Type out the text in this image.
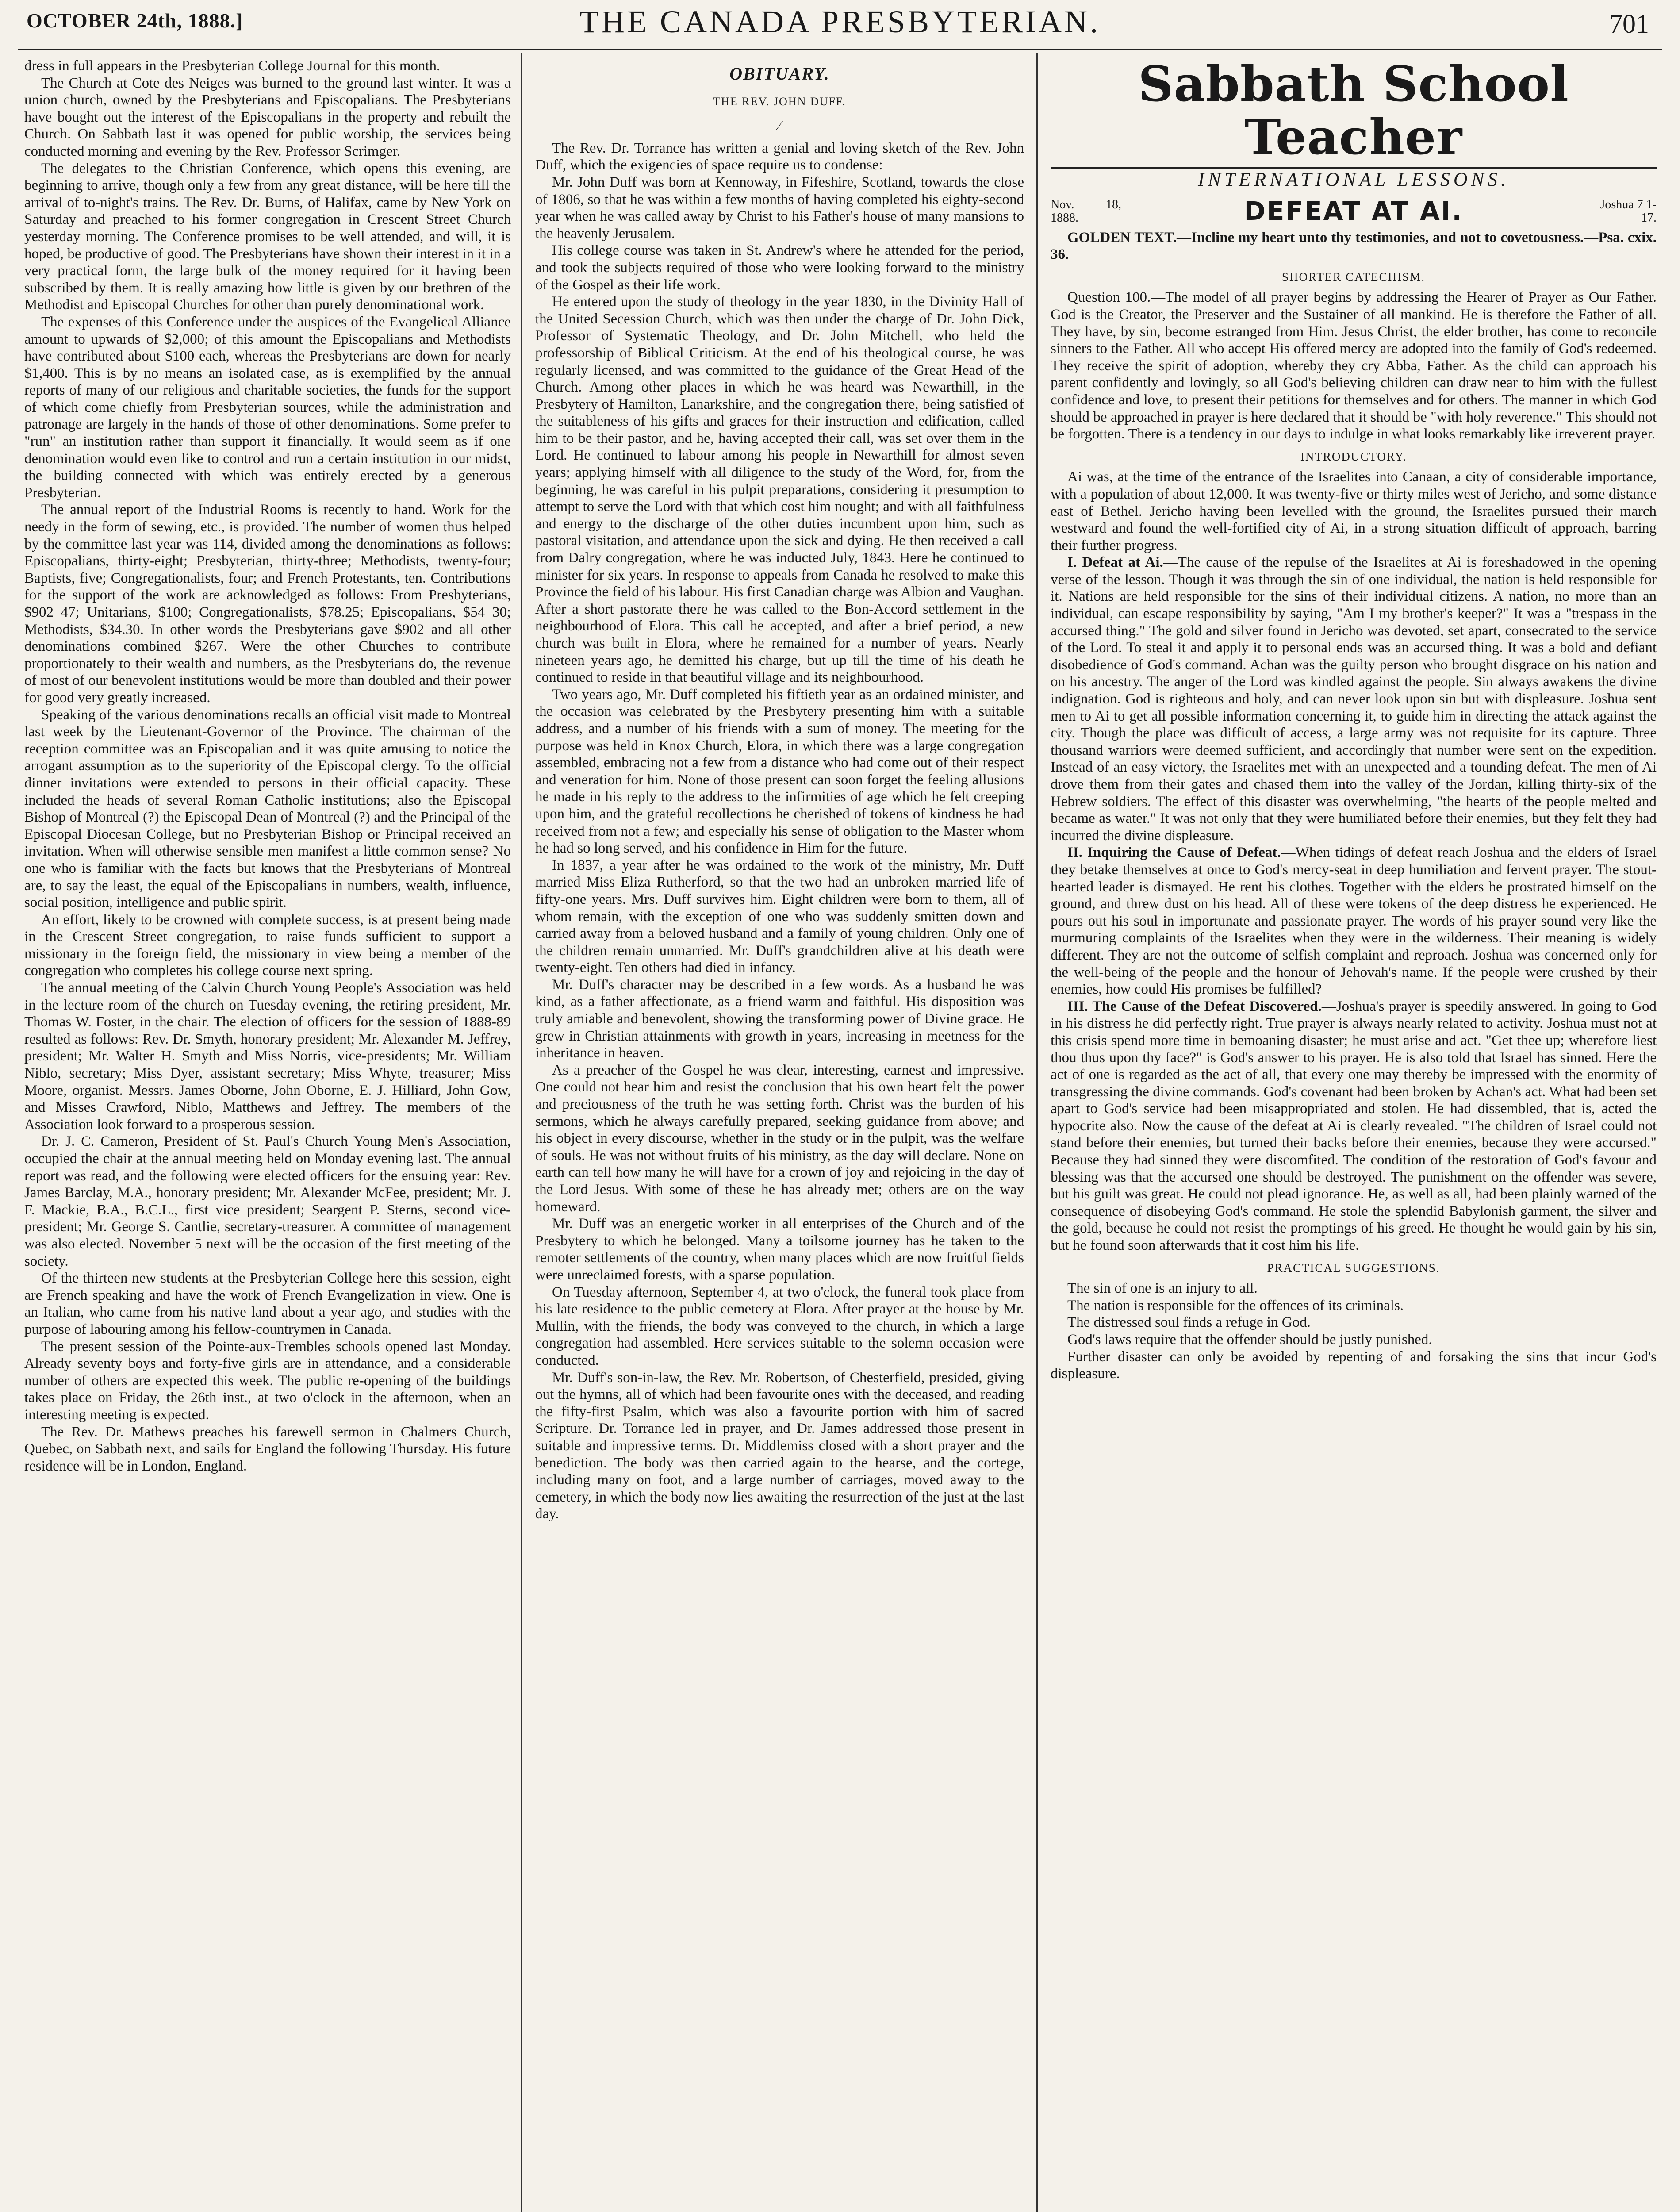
OCTOBER 24th, 1888.]	THE CANADA PRESBYTERIAN.	701

dress in full appears in the Presbyterian College Journal for this month.

The Church at Cote des Neiges was burned to the ground last winter. It was a union church, owned by the Presbyterians and Episcopalians. The Presbyterians have bought out the interest of the Episcopalians in the property and rebuilt the Church. On Sabbath last it was opened for public worship, the services being conducted morning and evening by the Rev. Professor Scrimger.

The delegates to the Christian Conference, which opens this evening, are beginning to arrive, though only a few from any great distance, will be here till the arrival of to-night's trains. The Rev. Dr. Burns, of Halifax, came by New York on Saturday and preached to his former congregation in Crescent Street Church yesterday morning. The Conference promises to be well attended, and will, it is hoped, be productive of good. The Presbyterians have shown their interest in it in a very practical form, the large bulk of the money required for it having been subscribed by them. It is really amazing how little is given by our brethren of the Methodist and Episcopal Churches for other than purely denominational work.

The expenses of this Conference under the auspices of the Evangelical Alliance amount to upwards of $2,000; of this amount the Episcopalians and Methodists have contributed about $100 each, whereas the Presbyterians are down for nearly $1,400. This is by no means an isolated case, as is exemplified by the annual reports of many of our religious and charitable societies, the funds for the support of which come chiefly from Presbyterian sources, while the administration and patronage are largely in the hands of those of other denominations. Some prefer to "run" an institution rather than support it financially. It would seem as if one denomination would even like to control and run a certain institution in our midst, the building connected with which was entirely erected by a generous Presbyterian.

The annual report of the Industrial Rooms is recently to hand. Work for the needy in the form of sewing, etc., is provided. The number of women thus helped by the committee last year was 114, divided among the denominations as follows: Episcopalians, thirty-eight; Presbyterian, thirty-three; Methodists, twenty-four; Baptists, five; Congregationalists, four; and French Protestants, ten. Contributions for the support of the work are acknowledged as follows: From Presbyterians, $902 47; Unitarians, $100; Congregationalists, $78.25; Episcopalians, $54 30; Methodists, $34.30. In other words the Presbyterians gave $902 and all other denominations combined $267. Were the other Churches to contribute proportionately to their wealth and numbers, as the Presbyterians do, the revenue of most of our benevolent institutions would be more than doubled and their power for good very greatly increased.

Speaking of the various denominations recalls an official visit made to Montreal last week by the Lieutenant-Governor of the Province. The chairman of the reception committee was an Episcopalian and it was quite amusing to notice the arrogant assumption as to the superiority of the Episcopal clergy. To the official dinner invitations were extended to persons in their official capacity. These included the heads of several Roman Catholic institutions; also the Episcopal Bishop of Montreal (?) the Episcopal Dean of Montreal (?) and the Principal of the Episcopal Diocesan College, but no Presbyterian Bishop or Principal received an invitation. When will otherwise sensible men manifest a little common sense? No one who is familiar with the facts but knows that the Presbyterians of Montreal are, to say the least, the equal of the Episcopalians in numbers, wealth, influence, social position, intelligence and public spirit.

An effort, likely to be crowned with complete success, is at present being made in the Crescent Street congregation, to raise funds sufficient to support a missionary in the foreign field, the missionary in view being a member of the congregation who completes his college course next spring.

The annual meeting of the Calvin Church Young People's Association was held in the lecture room of the church on Tuesday evening, the retiring president, Mr. Thomas W. Foster, in the chair. The election of officers for the session of 1888-89 resulted as follows: Rev. Dr. Smyth, honorary president; Mr. Alexander M. Jeffrey, president; Mr. Walter H. Smyth and Miss Norris, vice-presidents; Mr. William Niblo, secretary; Miss Dyer, assistant secretary; Miss Whyte, treasurer; Miss Moore, organist. Messrs. James Oborne, John Oborne, E. J. Hilliard, John Gow, and Misses Crawford, Niblo, Matthews and Jeffrey. The members of the Association look forward to a prosperous session.

Dr. J. C. Cameron, President of St. Paul's Church Young Men's Association, occupied the chair at the annual meeting held on Monday evening last. The annual report was read, and the following were elected officers for the ensuing year: Rev. James Barclay, M.A., honorary president; Mr. Alexander McFee, president; Mr. J. F. Mackie, B.A., B.C.L., first vice president; Seargent P. Sterns, second vice-president; Mr. George S. Cantlie, secretary-treasurer. A committee of management was also elected. November 5 next will be the occasion of the first meeting of the society.

Of the thirteen new students at the Presbyterian College here this session, eight are French speaking and have the work of French Evangelization in view. One is an Italian, who came from his native land about a year ago, and studies with the purpose of labouring among his fellow-countrymen in Canada.

The present session of the Pointe-aux-Trembles schools opened last Monday. Already seventy boys and forty-five girls are in attendance, and a considerable number of others are expected this week. The public re-opening of the buildings takes place on Friday, the 26th inst., at two o'clock in the afternoon, when an interesting meeting is expected.

The Rev. Dr. Mathews preaches his farewell sermon in Chalmers Church, Quebec, on Sabbath next, and sails for England the following Thursday. His future residence will be in London, England.

OBITUARY.
THE REV. JOHN DUFF.
⁄

The Rev. Dr. Torrance has written a genial and loving sketch of the Rev. John Duff, which the exigencies of space require us to condense:

Mr. John Duff was born at Kennoway, in Fifeshire, Scotland, towards the close of 1806, so that he was within a few months of having completed his eighty-second year when he was called away by Christ to his Father's house of many mansions to the heavenly Jerusalem.

His college course was taken in St. Andrew's where he attended for the period, and took the subjects required of those who were looking forward to the ministry of the Gospel as their life work.

He entered upon the study of theology in the year 1830, in the Divinity Hall of the United Secession Church, which was then under the charge of Dr. John Dick, Professor of Systematic Theology, and Dr. John Mitchell, who held the professorship of Biblical Criticism. At the end of his theological course, he was regularly licensed, and was committed to the guidance of the Great Head of the Church. Among other places in which he was heard was Newarthill, in the Presbytery of Hamilton, Lanarkshire, and the congregation there, being satisfied of the suitableness of his gifts and graces for their instruction and edification, called him to be their pastor, and he, having accepted their call, was set over them in the Lord. He continued to labour among his people in Newarthill for almost seven years; applying himself with all diligence to the study of the Word, for, from the beginning, he was careful in his pulpit preparations, considering it presumption to attempt to serve the Lord with that which cost him nought; and with all faithfulness and energy to the discharge of the other duties incumbent upon him, such as pastoral visitation, and attendance upon the sick and dying. He then received a call from Dalry congregation, where he was inducted July, 1843. Here he continued to minister for six years. In response to appeals from Canada he resolved to make this Province the field of his labour. His first Canadian charge was Albion and Vaughan. After a short pastorate there he was called to the Bon-Accord settlement in the neighbourhood of Elora. This call he accepted, and after a brief period, a new church was built in Elora, where he remained for a number of years. Nearly nineteen years ago, he demitted his charge, but up till the time of his death he continued to reside in that beautiful village and its neighbourhood.

Two years ago, Mr. Duff completed his fiftieth year as an ordained minister, and the occasion was celebrated by the Presbytery presenting him with a suitable address, and a number of his friends with a sum of money. The meeting for the purpose was held in Knox Church, Elora, in which there was a large congregation assembled, embracing not a few from a distance who had come out of their respect and veneration for him. None of those present can soon forget the feeling allusions he made in his reply to the address to the infirmities of age which he felt creeping upon him, and the grateful recollections he cherished of tokens of kindness he had received from not a few; and especially his sense of obligation to the Master whom he had so long served, and his confidence in Him for the future.

In 1837, a year after he was ordained to the work of the ministry, Mr. Duff married Miss Eliza Rutherford, so that the two had an unbroken married life of fifty-one years. Mrs. Duff survives him. Eight children were born to them, all of whom remain, with the exception of one who was suddenly smitten down and carried away from a beloved husband and a family of young children. Only one of the children remain unmarried. Mr. Duff's grandchildren alive at his death were twenty-eight. Ten others had died in infancy.

Mr. Duff's character may be described in a few words. As a husband he was kind, as a father affectionate, as a friend warm and faithful. His disposition was truly amiable and benevolent, showing the transforming power of Divine grace. He grew in Christian attainments with growth in years, increasing in meetness for the inheritance in heaven.

As a preacher of the Gospel he was clear, interesting, earnest and impressive. One could not hear him and resist the conclusion that his own heart felt the power and preciousness of the truth he was setting forth. Christ was the burden of his sermons, which he always carefully prepared, seeking guidance from above; and his object in every discourse, whether in the study or in the pulpit, was the welfare of souls. He was not without fruits of his ministry, as the day will declare. None on earth can tell how many he will have for a crown of joy and rejoicing in the day of the Lord Jesus. With some of these he has already met; others are on the way homeward.

Mr. Duff was an energetic worker in all enterprises of the Church and of the Presbytery to which he belonged. Many a toilsome journey has he taken to the remoter settlements of the country, when many places which are now fruitful fields were unreclaimed forests, with a sparse population.

On Tuesday afternoon, September 4, at two o'clock, the funeral took place from his late residence to the public cemetery at Elora. After prayer at the house by Mr. Mullin, with the friends, the body was conveyed to the church, in which a large congregation had assembled. Here services suitable to the solemn occasion were conducted.

Mr. Duff's son-in-law, the Rev. Mr. Robertson, of Chesterfield, presided, giving out the hymns, all of which had been favourite ones with the deceased, and reading the fifty-first Psalm, which was also a favourite portion with him of sacred Scripture. Dr. Torrance led in prayer, and Dr. James addressed those present in suitable and impressive terms. Dr. Middlemiss closed with a short prayer and the benediction. The body was then carried again to the hearse, and the cortege, including many on foot, and a large number of carriages, moved away to the cemetery, in which the body now lies awaiting the resurrection of the just at the last day.

Sabbath School Teacher
INTERNATIONAL LESSONS.
Nov. 18, 1888.	DEFEAT AT AI.	Joshua 7 1-17.

GOLDEN TEXT.—Incline my heart unto thy testimonies, and not to covetousness.—Psa. cxix. 36.

SHORTER CATECHISM.

Question 100.—The model of all prayer begins by addressing the Hearer of Prayer as Our Father. God is the Creator, the Preserver and the Sustainer of all mankind. He is therefore the Father of all. They have, by sin, become estranged from Him. Jesus Christ, the elder brother, has come to reconcile sinners to the Father. All who accept His offered mercy are adopted into the family of God's redeemed. They receive the spirit of adoption, whereby they cry Abba, Father. As the child can approach his parent confidently and lovingly, so all God's believing children can draw near to him with the fullest confidence and love, to present their petitions for themselves and for others. The manner in which God should be approached in prayer is here declared that it should be "with holy reverence." This should not be forgotten. There is a tendency in our days to indulge in what looks remarkably like irreverent prayer.

INTRODUCTORY.

Ai was, at the time of the entrance of the Israelites into Canaan, a city of considerable importance, with a population of about 12,000. It was twenty-five or thirty miles west of Jericho, and some distance east of Bethel. Jericho having been levelled with the ground, the Israelites pursued their march westward and found the well-fortified city of Ai, in a strong situation difficult of approach, barring their further progress.

I. Defeat at Ai.—The cause of the repulse of the Israelites at Ai is foreshadowed in the opening verse of the lesson. Though it was through the sin of one individual, the nation is held responsible for it. Nations are held responsible for the sins of their individual citizens. A nation, no more than an individual, can escape responsibility by saying, "Am I my brother's keeper?" It was a "trespass in the accursed thing." The gold and silver found in Jericho was devoted, set apart, consecrated to the service of the Lord. To steal it and apply it to personal ends was an accursed thing. It was a bold and defiant disobedience of God's command. Achan was the guilty person who brought disgrace on his nation and on his ancestry. The anger of the Lord was kindled against the people. Sin always awakens the divine indignation. God is righteous and holy, and can never look upon sin but with displeasure. Joshua sent men to Ai to get all possible information concerning it, to guide him in directing the attack against the city. Though the place was difficult of access, a large army was not requisite for its capture. Three thousand warriors were deemed sufficient, and accordingly that number were sent on the expedition. Instead of an easy victory, the Israelites met with an unexpected and a tounding defeat. The men of Ai drove them from their gates and chased them into the valley of the Jordan, killing thirty-six of the Hebrew soldiers. The effect of this disaster was overwhelming, "the hearts of the people melted and became as water." It was not only that they were humiliated before their enemies, but they felt they had incurred the divine displeasure.

II. Inquiring the Cause of Defeat.—When tidings of defeat reach Joshua and the elders of Israel they betake themselves at once to God's mercy-seat in deep humiliation and fervent prayer. The stout-hearted leader is dismayed. He rent his clothes. Together with the elders he prostrated himself on the ground, and threw dust on his head. All of these were tokens of the deep distress he experienced. He pours out his soul in importunate and passionate prayer. The words of his prayer sound very like the murmuring complaints of the Israelites when they were in the wilderness. Their meaning is widely different. They are not the outcome of selfish complaint and reproach. Joshua was concerned only for the well-being of the people and the honour of Jehovah's name. If the people were crushed by their enemies, how could His promises be fulfilled?

III. The Cause of the Defeat Discovered.—Joshua's prayer is speedily answered. In going to God in his distress he did perfectly right. True prayer is always nearly related to activity. Joshua must not at this crisis spend more time in bemoaning disaster; he must arise and act. "Get thee up; wherefore liest thou thus upon thy face?" is God's answer to his prayer. He is also told that Israel has sinned. Here the act of one is regarded as the act of all, that every one may thereby be impressed with the enormity of transgressing the divine commands. God's covenant had been broken by Achan's act. What had been set apart to God's service had been misappropriated and stolen. He had dissembled, that is, acted the hypocrite also. Now the cause of the defeat at Ai is clearly revealed. "The children of Israel could not stand before their enemies, but turned their backs before their enemies, because they were accursed." Because they had sinned they were discomfited. The condition of the restoration of God's favour and blessing was that the accursed one should be destroyed. The punishment on the offender was severe, but his guilt was great. He could not plead ignorance. He, as well as all, had been plainly warned of the consequence of disobeying God's command. He stole the splendid Babylonish garment, the silver and the gold, because he could not resist the promptings of his greed. He thought he would gain by his sin, but he found soon afterwards that it cost him his life.

PRACTICAL SUGGESTIONS.

The sin of one is an injury to all.

The nation is responsible for the offences of its criminals.

The distressed soul finds a refuge in God.

God's laws require that the offender should be justly punished.

Further disaster can only be avoided by repenting of and forsaking the sins that incur God's displeasure.
